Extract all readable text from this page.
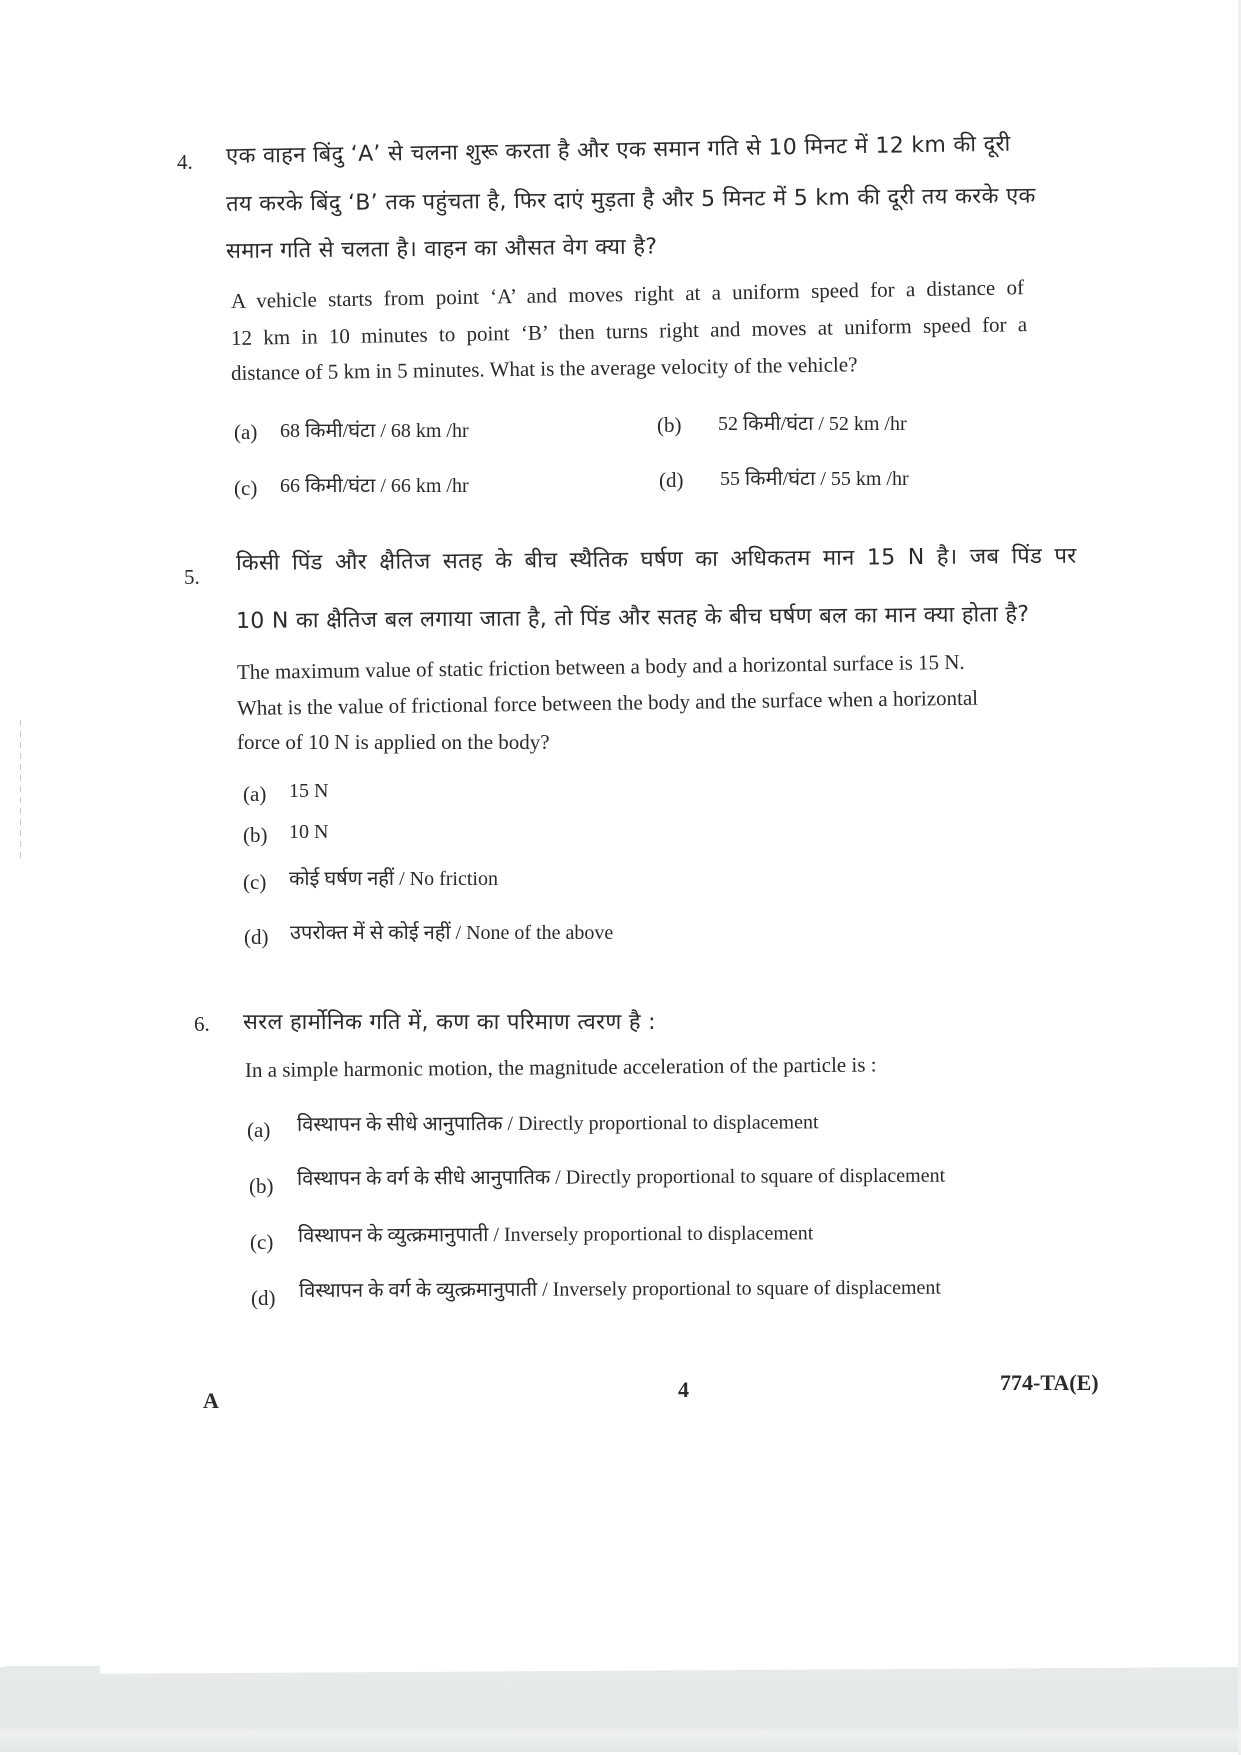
4. एक वाहन बिंदु ‘A’ से चलना शुरू करता है और एक समान गति से 10 मिनट में 12 km की दूरी
तय करके बिंदु ‘B’ तक पहुंचता है, फिर दाएं मुड़ता है और 5 मिनट में 5 km की दूरी तय करके एक
समान गति से चलता है। वाहन का औसत वेग क्या है?
A vehicle starts from point ‘A’ and moves right at a uniform speed for a distance of
12 km in 10 minutes to point ‘B’ then turns right and moves at uniform speed for a
distance of 5 km in 5 minutes. What is the average velocity of the vehicle?
(a) 68 किमी/घंटा / 68 km /hr	(b) 52 किमी/घंटा / 52 km /hr
(c) 66 किमी/घंटा / 66 km /hr	(d) 55 किमी/घंटा / 55 km /hr
5.
किसी पिंड और क्षैतिज सतह के बीच स्थैतिक घर्षण का अधिकतम मान 15 N है। जब पिंड पर
10 N का क्षैतिज बल लगाया जाता है, तो पिंड और सतह के बीच घर्षण बल का मान क्या होता है?
The maximum value of static friction between a body and a horizontal surface is 15 N.
What is the value of frictional force between the body and the surface when a horizontal
force of 10 N is applied on the body?
(a) 15 N
(b) 10 N
(c) कोई घर्षण नहीं / No friction
(d) उपरोक्त में से कोई नहीं / None of the above
6. सरल हार्मोनिक गति में, कण का परिमाण त्वरण है :
In a simple harmonic motion, the magnitude acceleration of the particle is :
(a) विस्थापन के सीधे आनुपातिक / Directly proportional to displacement
(b) विस्थापन के वर्ग के सीधे आनुपातिक / Directly proportional to square of displacement
(c) विस्थापन के व्युत्क्रमानुपाती / Inversely proportional to displacement
(d) विस्थापन के वर्ग के व्युत्क्रमानुपाती / Inversely proportional to square of displacement
A	4	774-TA(E)
